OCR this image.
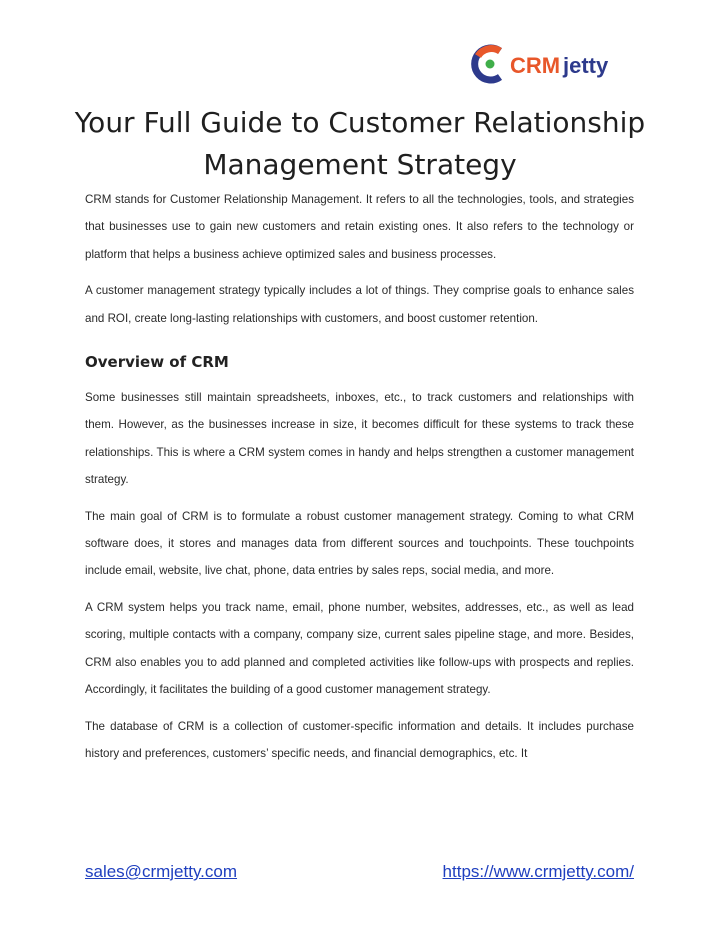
CRM jetty
Your Full Guide to Customer Relationship Management Strategy

CRM stands for Customer Relationship Management. It refers to all the technologies, tools, and strategies that businesses use to gain new customers and retain existing ones. It also refers to the technology or platform that helps a business achieve optimized sales and business processes.

A customer management strategy typically includes a lot of things. They comprise goals to enhance sales and ROI, create long-lasting relationships with customers, and boost customer retention.

Overview of CRM

Some businesses still maintain spreadsheets, inboxes, etc., to track customers and relationships with them. However, as the businesses increase in size, it becomes difficult for these systems to track these relationships. This is where a CRM system comes in handy and helps strengthen a customer management strategy.

The main goal of CRM is to formulate a robust customer management strategy. Coming to what CRM software does, it stores and manages data from different sources and touchpoints. These touchpoints include email, website, live chat, phone, data entries by sales reps, social media, and more.

A CRM system helps you track name, email, phone number, websites, addresses, etc., as well as lead scoring, multiple contacts with a company, company size, current sales pipeline stage, and more. Besides, CRM also enables you to add planned and completed activities like follow-ups with prospects and replies. Accordingly, it facilitates the building of a good customer management strategy.

The database of CRM is a collection of customer-specific information and details. It includes purchase history and preferences, customers’ specific needs, and financial demographics, etc. It

sales@crmjetty.com	https://www.crmjetty.com/
